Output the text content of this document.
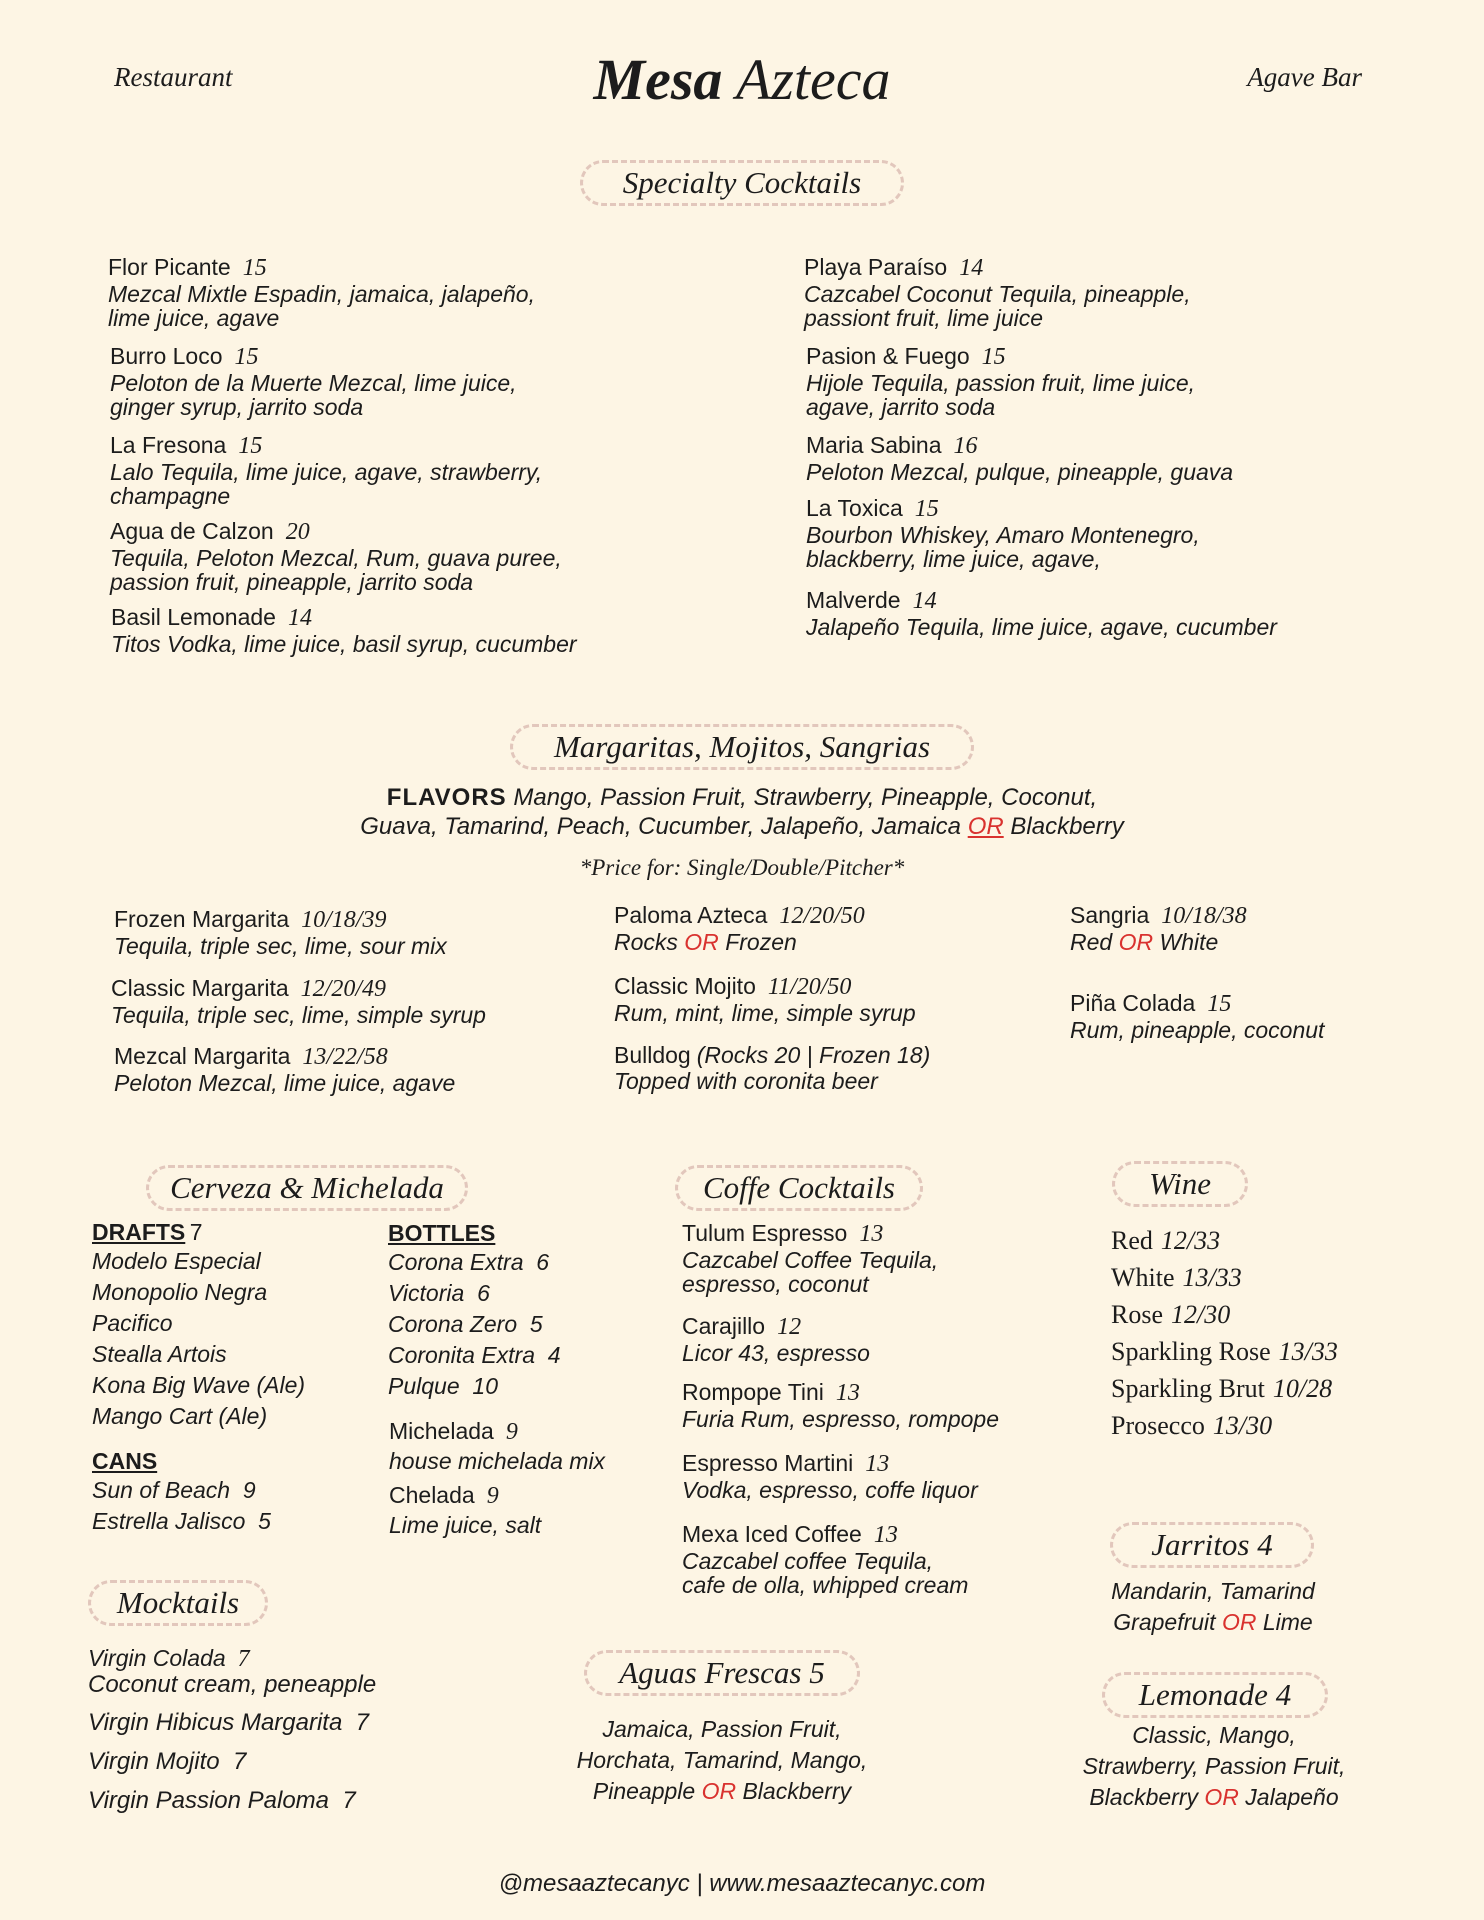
Restaurant	Mesa Azteca	Agave Bar
Specialty Cocktails
Flor Picante 15
Mezcal Mixtle Espadin, jamaica, jalapeño,
lime juice, agave
Burro Loco 15
Peloton de la Muerte Mezcal, lime juice,
ginger syrup, jarrito soda
La Fresona 15
Lalo Tequila, lime juice, agave, strawberry,
champagne
Agua de Calzon 20
Tequila, Peloton Mezcal, Rum, guava puree,
passion fruit, pineapple, jarrito soda
Basil Lemonade 14
Titos Vodka, lime juice, basil syrup, cucumber
Playa Paraíso 14
Cazcabel Coconut Tequila, pineapple,
passiont fruit, lime juice
Pasion & Fuego 15
Hijole Tequila, passion fruit, lime juice,
agave, jarrito soda
Maria Sabina 16
Peloton Mezcal, pulque, pineapple, guava
La Toxica 15
Bourbon Whiskey, Amaro Montenegro,
blackberry, lime juice, agave,
Malverde 14
Jalapeño Tequila, lime juice, agave, cucumber
Margaritas, Mojitos, Sangrias
FLAVORS Mango, Passion Fruit, Strawberry, Pineapple, Coconut,
Guava, Tamarind, Peach, Cucumber, Jalapeño, Jamaica OR Blackberry
*Price for: Single/Double/Pitcher*
Frozen Margarita 10/18/39
Tequila, triple sec, lime, sour mix
Classic Margarita 12/20/49
Tequila, triple sec, lime, simple syrup
Mezcal Margarita 13/22/58
Peloton Mezcal, lime juice, agave
Paloma Azteca 12/20/50
Rocks OR Frozen
Classic Mojito 11/20/50
Rum, mint, lime, simple syrup
Bulldog (Rocks 20 | Frozen 18)
Topped with coronita beer
Sangria 10/18/38
Red OR White
Piña Colada 15
Rum, pineapple, coconut
Cerveza & Michelada
DRAFTS 7
Modelo Especial
Monopolio Negra
Pacifico
Stealla Artois
Kona Big Wave (Ale)
Mango Cart (Ale)
CANS
Sun of Beach 9
Estrella Jalisco 5
BOTTLES
Corona Extra 6
Victoria 6
Corona Zero 5
Coronita Extra 4
Pulque 10
Michelada 9
house michelada mix
Chelada 9
Lime juice, salt
Coffe Cocktails
Tulum Espresso 13
Cazcabel Coffee Tequila,
espresso, coconut
Carajillo 12
Licor 43, espresso
Rompope Tini 13
Furia Rum, espresso, rompope
Espresso Martini 13
Vodka, espresso, coffe liquor
Mexa Iced Coffee 13
Cazcabel coffee Tequila,
cafe de olla, whipped cream
Wine
Red 12/33
White 13/33
Rose 12/30
Sparkling Rose 13/33
Sparkling Brut 10/28
Prosecco 13/30
Jarritos 4
Mandarin, Tamarind
Grapefruit OR Lime
Mocktails
Virgin Colada 7
Coconut cream, peneapple
Virgin Hibicus Margarita 7
Virgin Mojito 7
Virgin Passion Paloma 7
Aguas Frescas 5
Jamaica, Passion Fruit,
Horchata, Tamarind, Mango,
Pineapple OR Blackberry
Lemonade 4
Classic, Mango,
Strawberry, Passion Fruit,
Blackberry OR Jalapeño
@mesaaztecanyc | www.mesaaztecanyc.com
